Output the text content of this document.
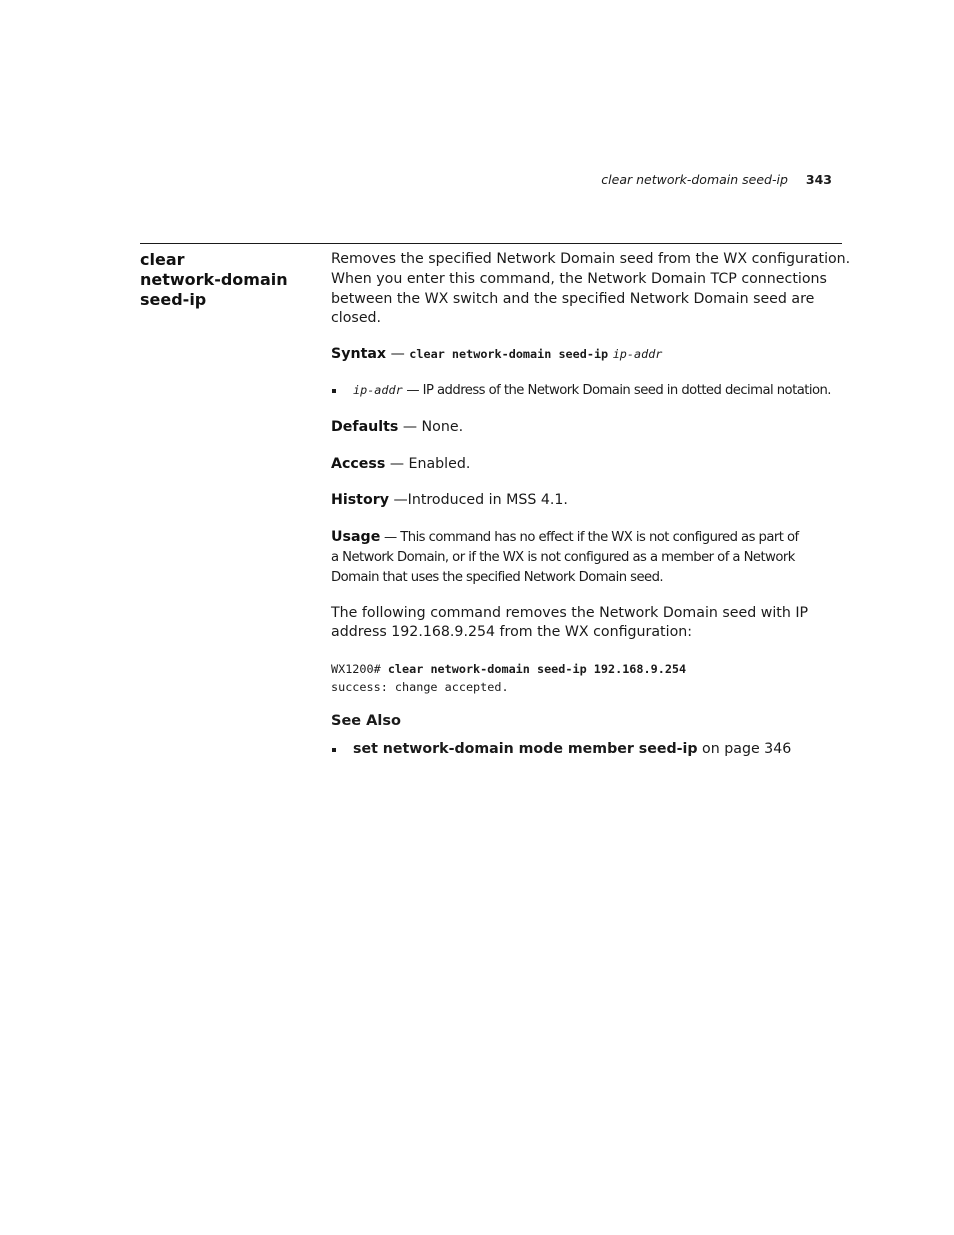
clear network-domain seed-ip 343
clear
network-domain
seed-ip

Removes the specified Network Domain seed from the WX configuration.

When you enter this command, the Network Domain TCP connections

between the WX switch and the specified Network Domain seed are

closed.

Syntax — clear network-domain seed-ip ip-addr

ip-addr — IP address of the Network Domain seed in dotted decimal notation.

Defaults — None.

Access — Enabled.

History —Introduced in MSS 4.1.

Usage — This command has no effect if the WX is not configured as part of

a Network Domain, or if the WX is not configured as a member of a Network

Domain that uses the specified Network Domain seed.

The following command removes the Network Domain seed with IP

address 192.168.9.254 from the WX configuration:

WX1200# clear network-domain seed-ip 192.168.9.254

success: change accepted.

See Also

set network-domain mode member seed-ip on page 346
